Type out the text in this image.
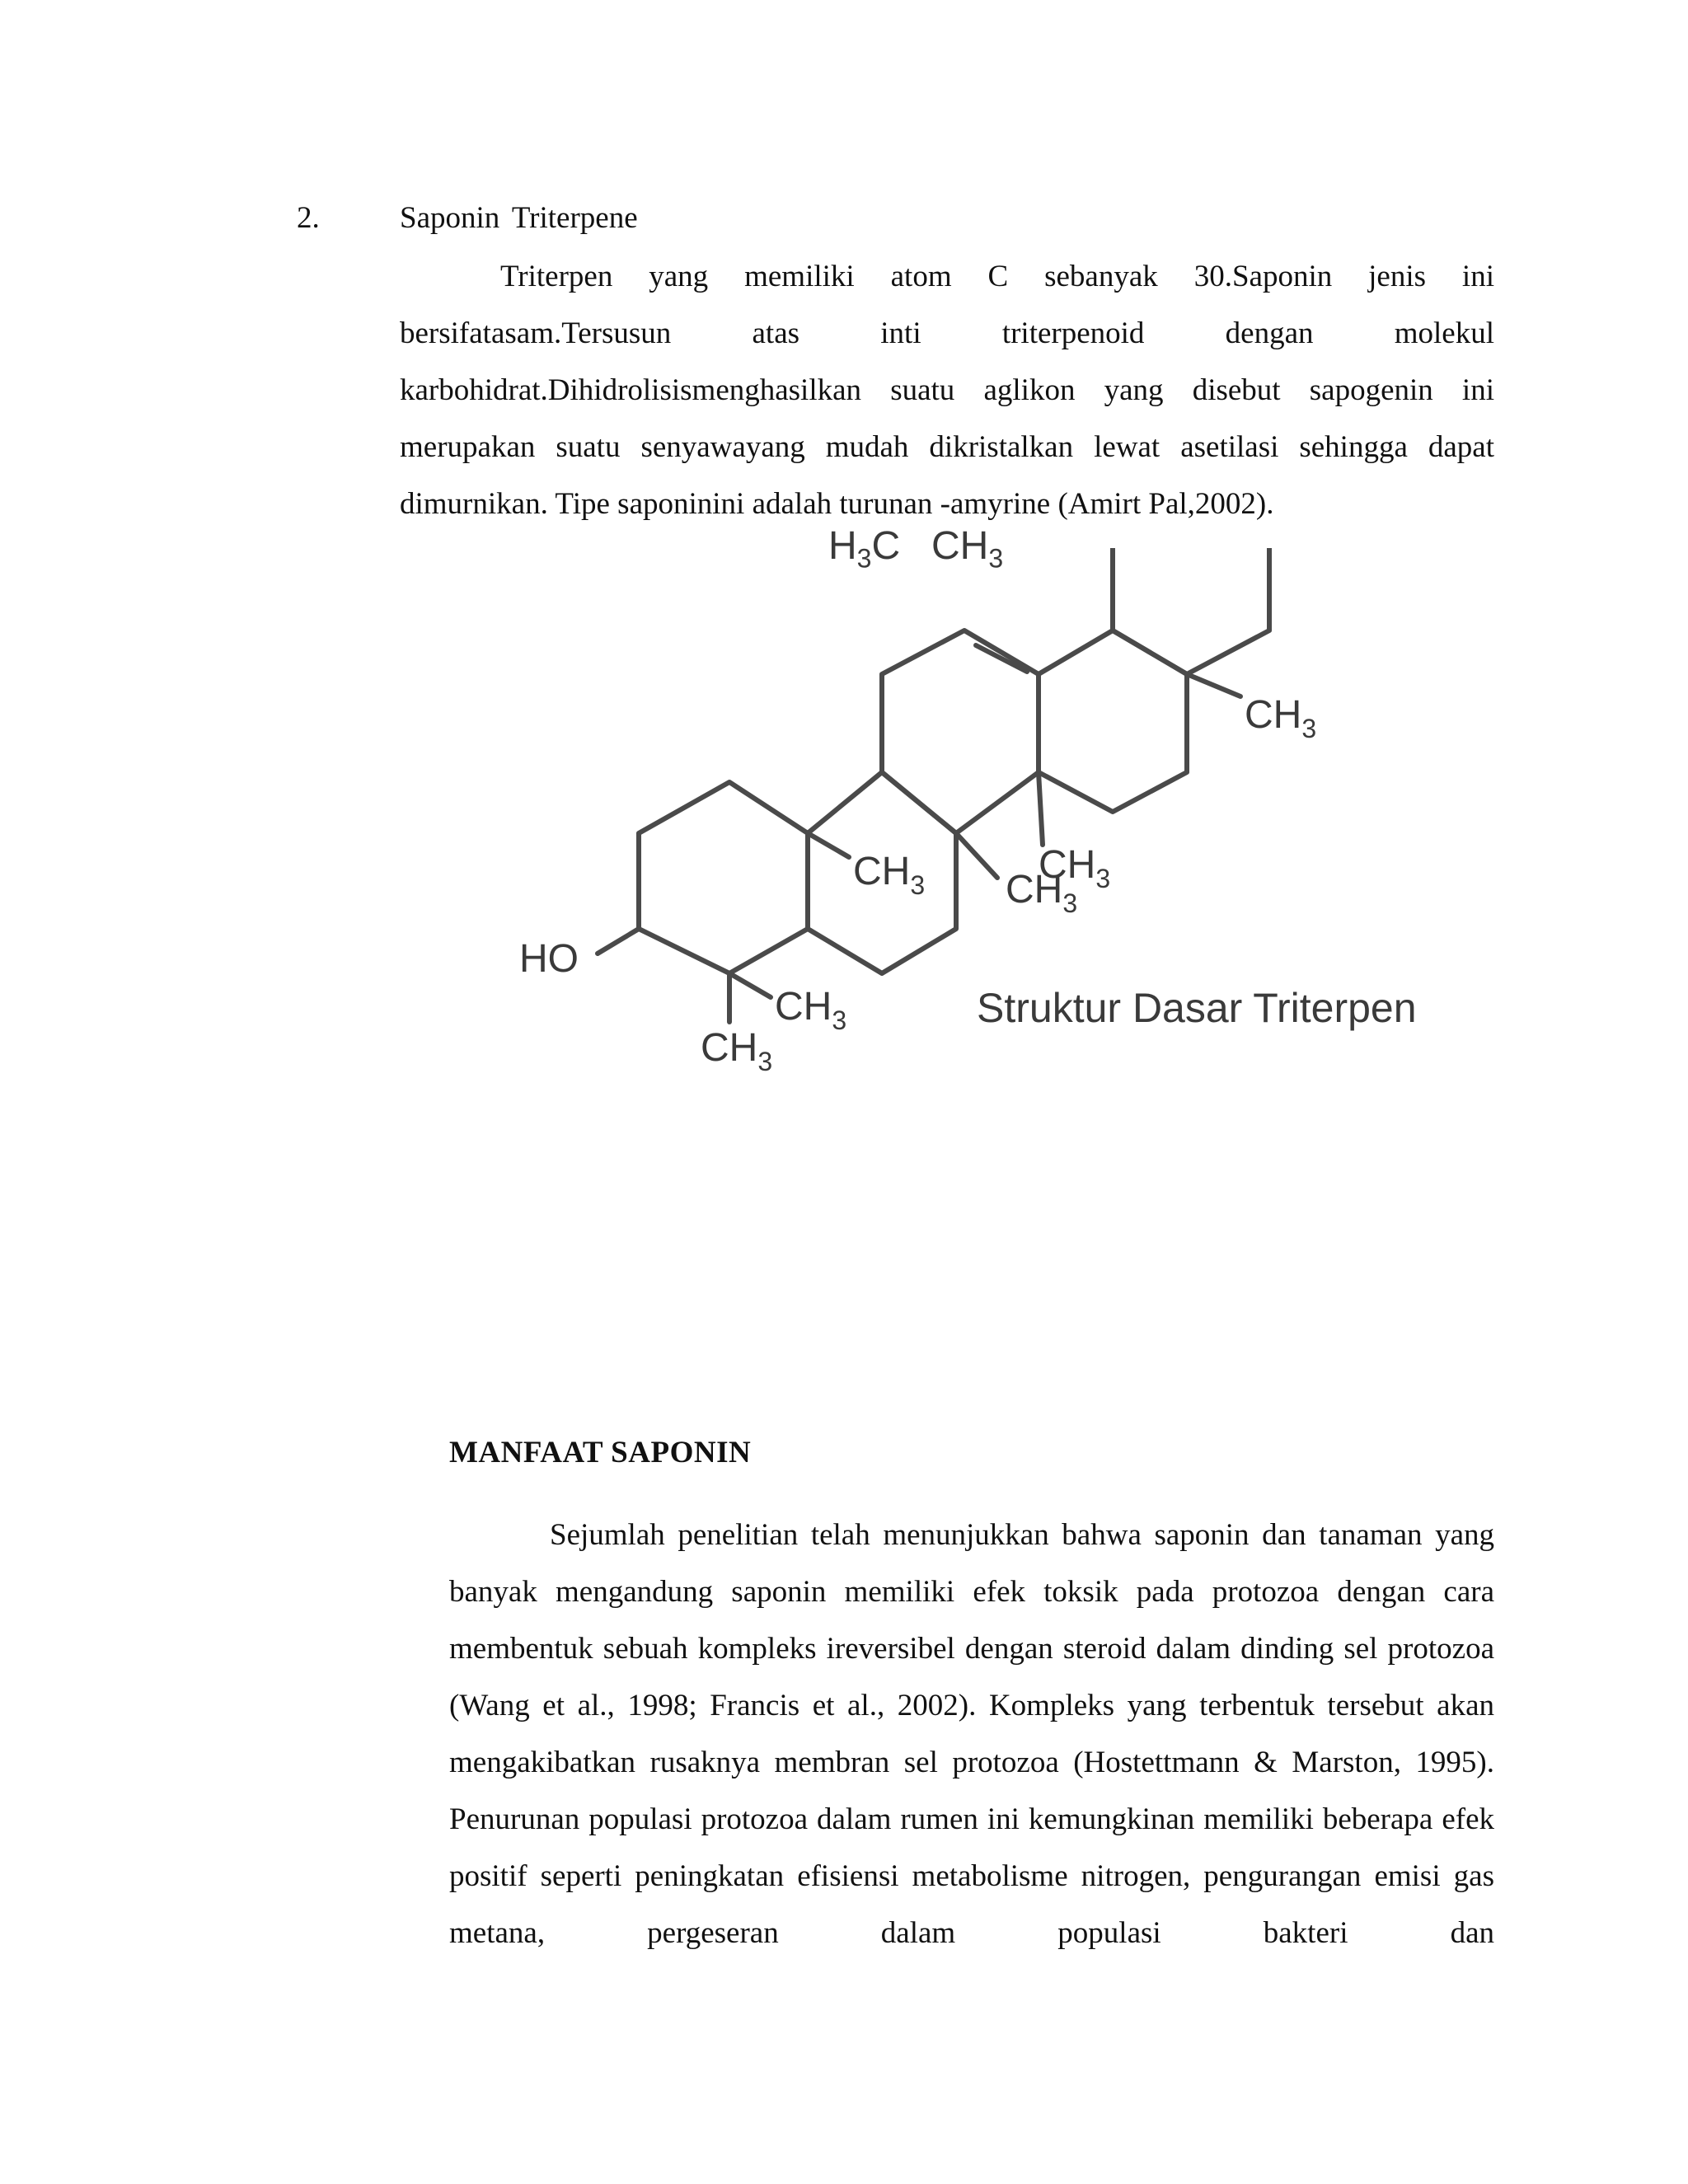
2.	Saponin Triterpene

Triterpen yang memiliki atom C sebanyak 30.Saponin jenis ini bersifatasam.Tersusun atas inti triterpenoid dengan molekul karbohidrat.Dihidrolisismenghasilkan suatu aglikon yang disebut sapogenin ini merupakan suatu senyawayang mudah dikristalkan lewat asetilasi sehingga dapat dimurnikan. Tipe saponinini adalah turunan -amyrine (Amirt Pal,2002).

HO
$CH_3$
$CH_3$
$CH_3$ $CH_3$
$CH_3$
$CH_3$
Struktur Dasar Triterpen
$H_3C$ $CH_3$
MANFAAT SAPONIN

Sejumlah penelitian telah menunjukkan bahwa saponin dan tanaman yang banyak mengandung saponin memiliki efek toksik pada protozoa dengan cara membentuk sebuah kompleks ireversibel dengan steroid dalam dinding sel protozoa (Wang et al., 1998; Francis et al., 2002). Kompleks yang terbentuk tersebut akan mengakibatkan rusaknya membran sel protozoa (Hostettmann & Marston, 1995). Penurunan populasi protozoa dalam rumen ini kemungkinan memiliki beberapa efek positif seperti peningkatan efisiensi metabolisme nitrogen, pengurangan emisi gas metana, pergeseran dalam populasi bakteri dan
